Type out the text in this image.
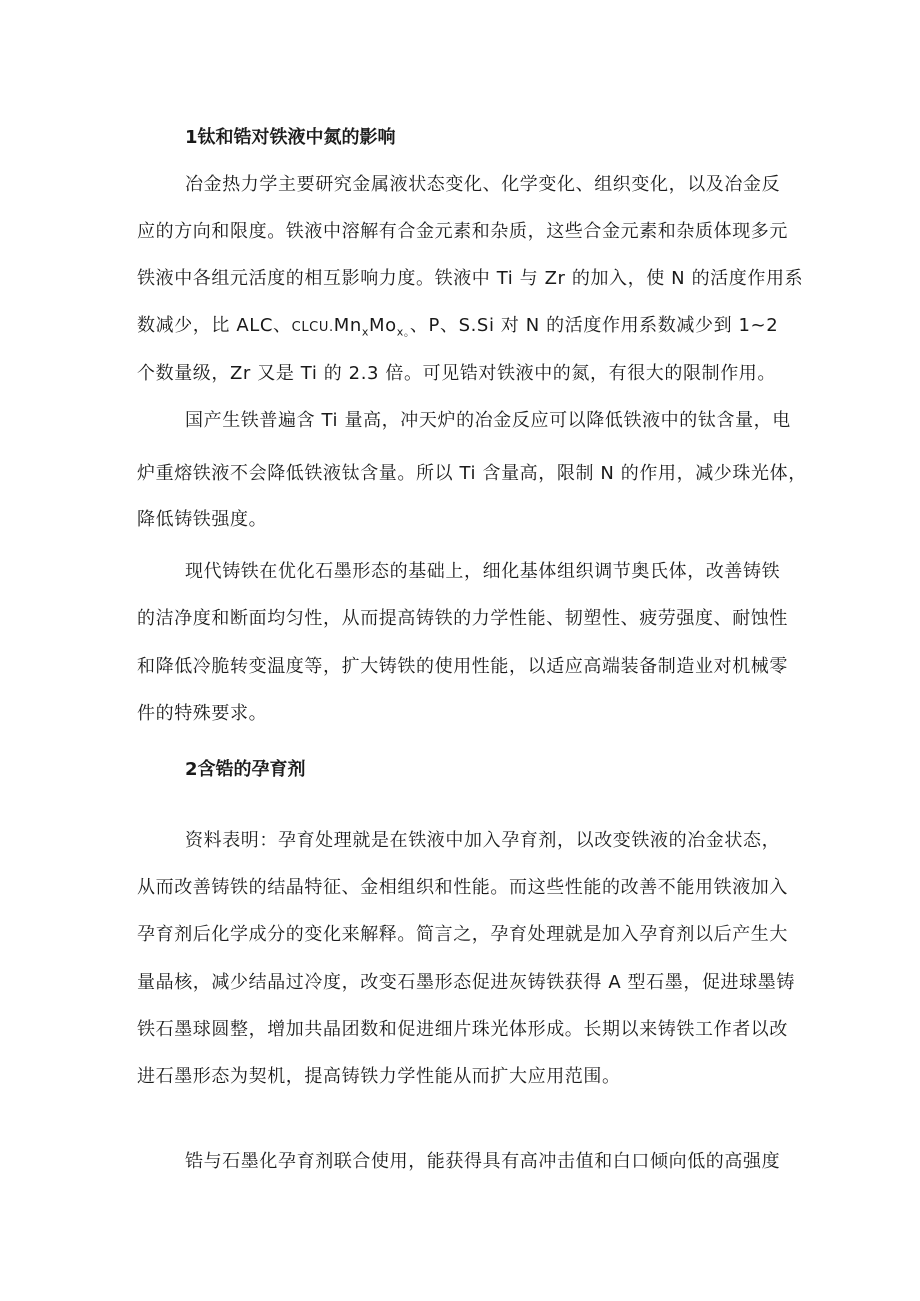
1钛和锆对铁液中氮的影响
冶金热力学主要研究金属液状态变化、化学变化、组织变化，以及冶金反
应的方向和限度。铁液中溶解有合金元素和杂质，这些合金元素和杂质体现多元
铁液中各组元活度的相互影响力度。铁液中 Ti 与 Zr 的加入，使 N 的活度作用系
数减少，比 ALC、$CLCU.Mn_xMo_{x。}$、P、S.Si 对 N 的活度作用系数减少到 1~2
个数量级，Zr 又是 Ti 的 2.3 倍。可见锆对铁液中的氮，有很大的限制作用。
国产生铁普遍含 Ti 量高，冲天炉的冶金反应可以降低铁液中的钛含量，电
炉重熔铁液不会降低铁液钛含量。所以 Ti 含量高，限制 N 的作用，减少珠光体，
降低铸铁强度。
现代铸铁在优化石墨形态的基础上，细化基体组织调节奥氏体，改善铸铁
的洁净度和断面均匀性，从而提高铸铁的力学性能、韧塑性、疲劳强度、耐蚀性
和降低冷脆转变温度等，扩大铸铁的使用性能，以适应高端装备制造业对机械零
件的特殊要求。
2含锆的孕育剂
资料表明：孕育处理就是在铁液中加入孕育剂，以改变铁液的冶金状态，
从而改善铸铁的结晶特征、金相组织和性能。而这些性能的改善不能用铁液加入
孕育剂后化学成分的变化来解释。简言之，孕育处理就是加入孕育剂以后产生大
量晶核，减少结晶过冷度，改变石墨形态促进灰铸铁获得 A 型石墨，促进球墨铸
铁石墨球圆整，增加共晶团数和促进细片珠光体形成。长期以来铸铁工作者以改
进石墨形态为契机，提高铸铁力学性能从而扩大应用范围。
锆与石墨化孕育剂联合使用，能获得具有高冲击值和白口倾向低的高强度
